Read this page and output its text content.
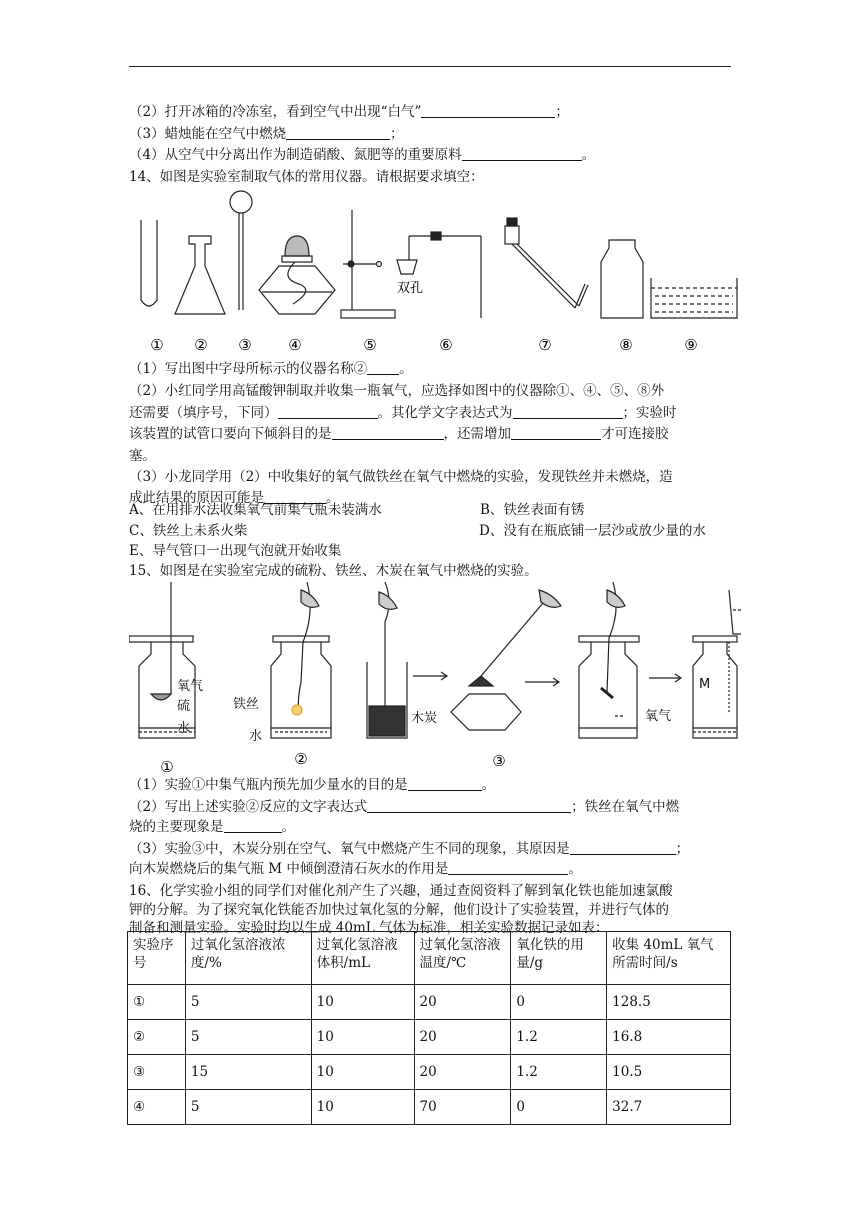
（2）打开冰箱的冷冻室，看到空气中出现“白气”	；
（3）蜡烛能在空气中燃烧	；
（4）从空气中分离出作为制造硝酸、氮肥等的重要原料	。
14、如图是实验室制取气体的常用仪器。请根据要求填空：
双孔
① ② ③ ④	⑤	⑥	⑦	⑧	⑨
（1）写出图中字母所标示的仪器名称② 。
（2）小红同学用高锰酸钾制取并收集一瓶氧气，应选择如图中的仪器除①、④、⑤、⑧外
还需要（填序号，下同）	。其化学文字表达式为	；实验时
该装置的试管口要向下倾斜目的是	，还需增加	才可连接胶
塞。
（3）小龙同学用（2）中收集好的氧气做铁丝在氧气中燃烧的实验，发现铁丝并未燃烧，造
成此结果的原因可能是	。
A、在用排水法收集氧气前集气瓶未装满水	B、铁丝表面有锈
C、铁丝上未系火柴	D、没有在瓶底铺一层沙或放少量的水
E、导气管口一出现气泡就开始收集
15、如图是在实验室完成的硫粉、铁丝、木炭在氧气中燃烧的实验。
氧气
硫
水
铁丝
水
木炭	氧气
M
①	②	③
（1）实验①中集气瓶内预先加少量水的目的是	。
（2）写出上述实验②反应的文字表达式	；铁丝在氧气中燃
烧的主要现象是	。
（3）实验③中，木炭分别在空气、氧气中燃烧产生不同的现象，其原因是	；
向木炭燃烧后的集气瓶 M 中倾倒澄清石灰水的作用是	。
16、化学实验小组的同学们对催化剂产生了兴趣，通过查阅资料了解到氧化铁也能加速氯酸
钾的分解。为了探究氧化铁能否加快过氧化氢的分解，他们设计了实验装置，并进行气体的
制备和测量实验。实验时均以生成 40mL 气体为标准，相关实验数据记录如表：
实验序号	过氧化氢溶液浓度/%	过氧化氢溶液体积/mL	过氧化氢溶液温度/℃	氧化铁的用量/g	收集 40mL 氧气所需时间/s
①	5	10	20	0	128.5
②	5	10	20	1.2	16.8
③	15	10	20	1.2	10.5
④	5	10	70	0	32.7
